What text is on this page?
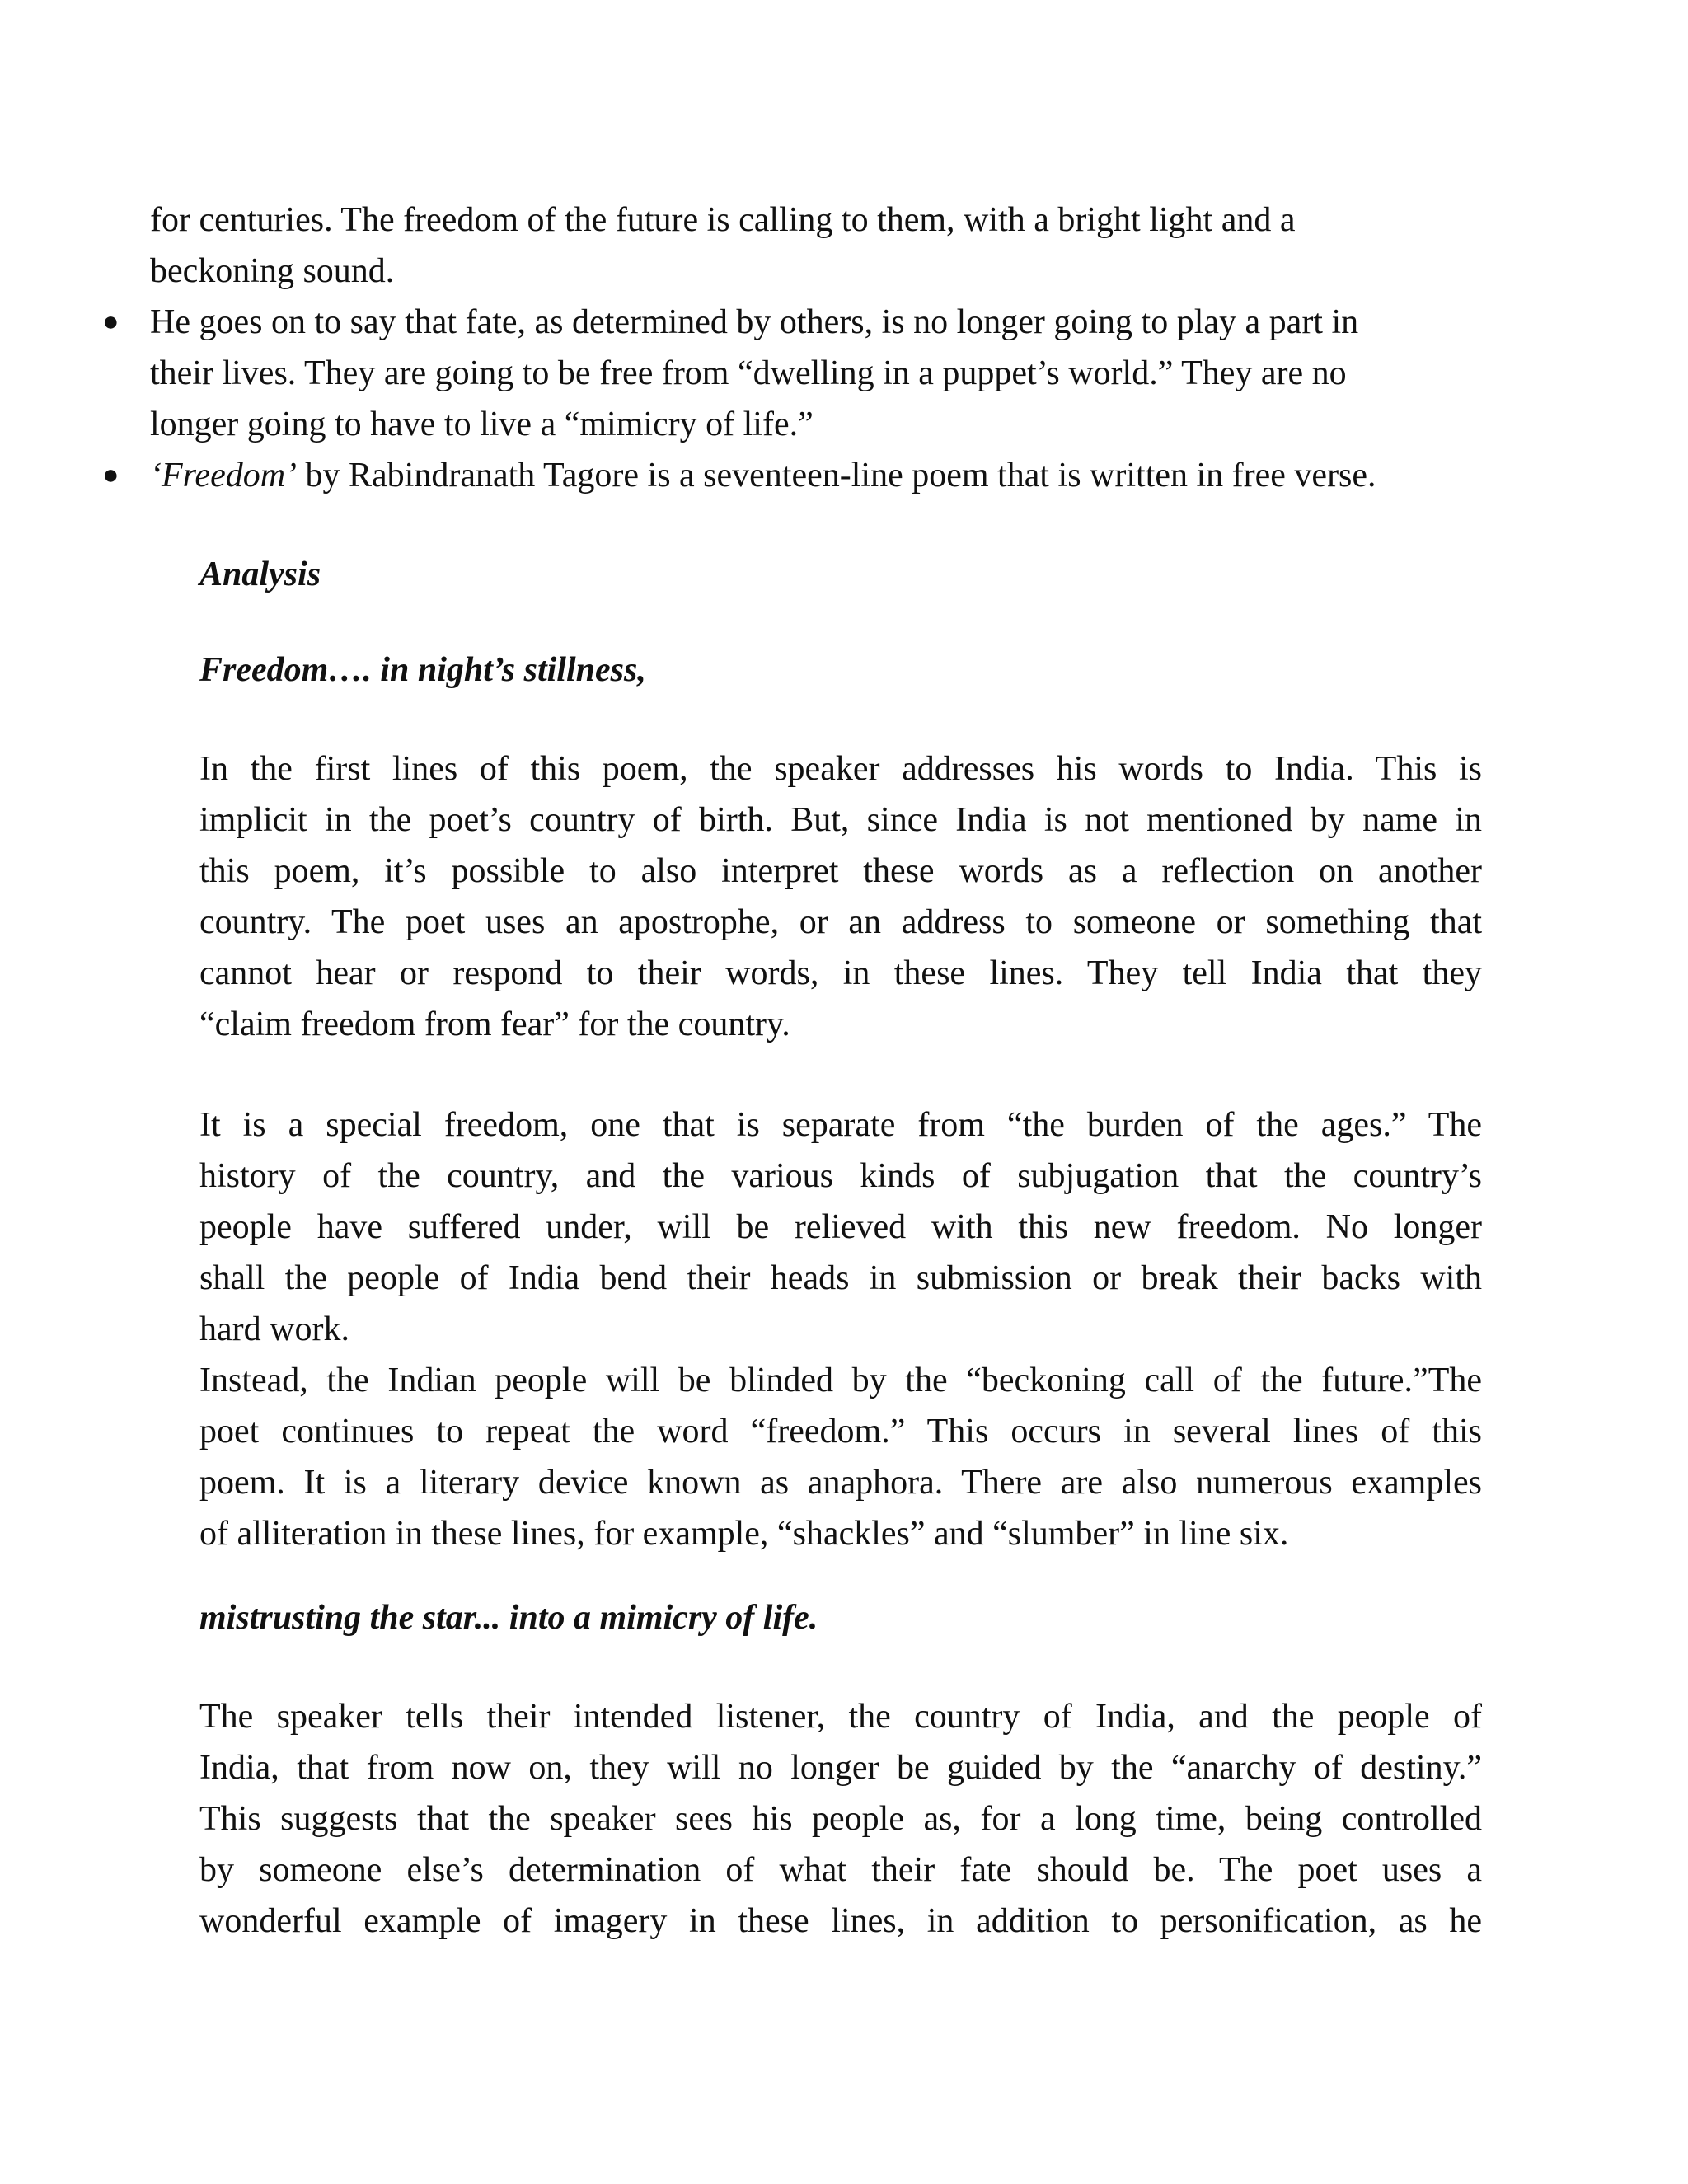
for centuries. The freedom of the future is calling to them, with a bright light and a

beckoning sound.

● He goes on to say that fate, as determined by others, is no longer going to play a part in

their lives. They are going to be free from “dwelling in a puppet’s world.” They are no

longer going to have to live a “mimicry of life.”

● ‘Freedom’ by Rabindranath Tagore is a seventeen-line poem that is written in free verse.

Analysis

Freedom…. in night’s stillness,

In the first lines of this poem, the speaker addresses his words to India. This is
implicit in the poet’s country of birth. But, since India is not mentioned by name in
this poem, it’s possible to also interpret these words as a reflection on another
country. The poet uses an apostrophe, or an address to someone or something that
cannot hear or respond to their words, in these lines. They tell India that they
“claim freedom from fear” for the country.
It is a special freedom, one that is separate from “the burden of the ages.” The
history of the country, and the various kinds of subjugation that the country’s
people have suffered under, will be relieved with this new freedom. No longer
shall the people of India bend their heads in submission or break their backs with
hard work.
Instead, the Indian people will be blinded by the “beckoning call of the future.”The
poet continues to repeat the word “freedom.” This occurs in several lines of this
poem. It is a literary device known as anaphora. There are also numerous examples
of alliteration in these lines, for example, “shackles” and “slumber” in line six.

mistrusting the star... into a mimicry of life.

The speaker tells their intended listener, the country of India, and the people of
India, that from now on, they will no longer be guided by the “anarchy of destiny.”
This suggests that the speaker sees his people as, for a long time, being controlled
by someone else’s determination of what their fate should be. The poet uses a
wonderful example of imagery in these lines, in addition to personification, as he
